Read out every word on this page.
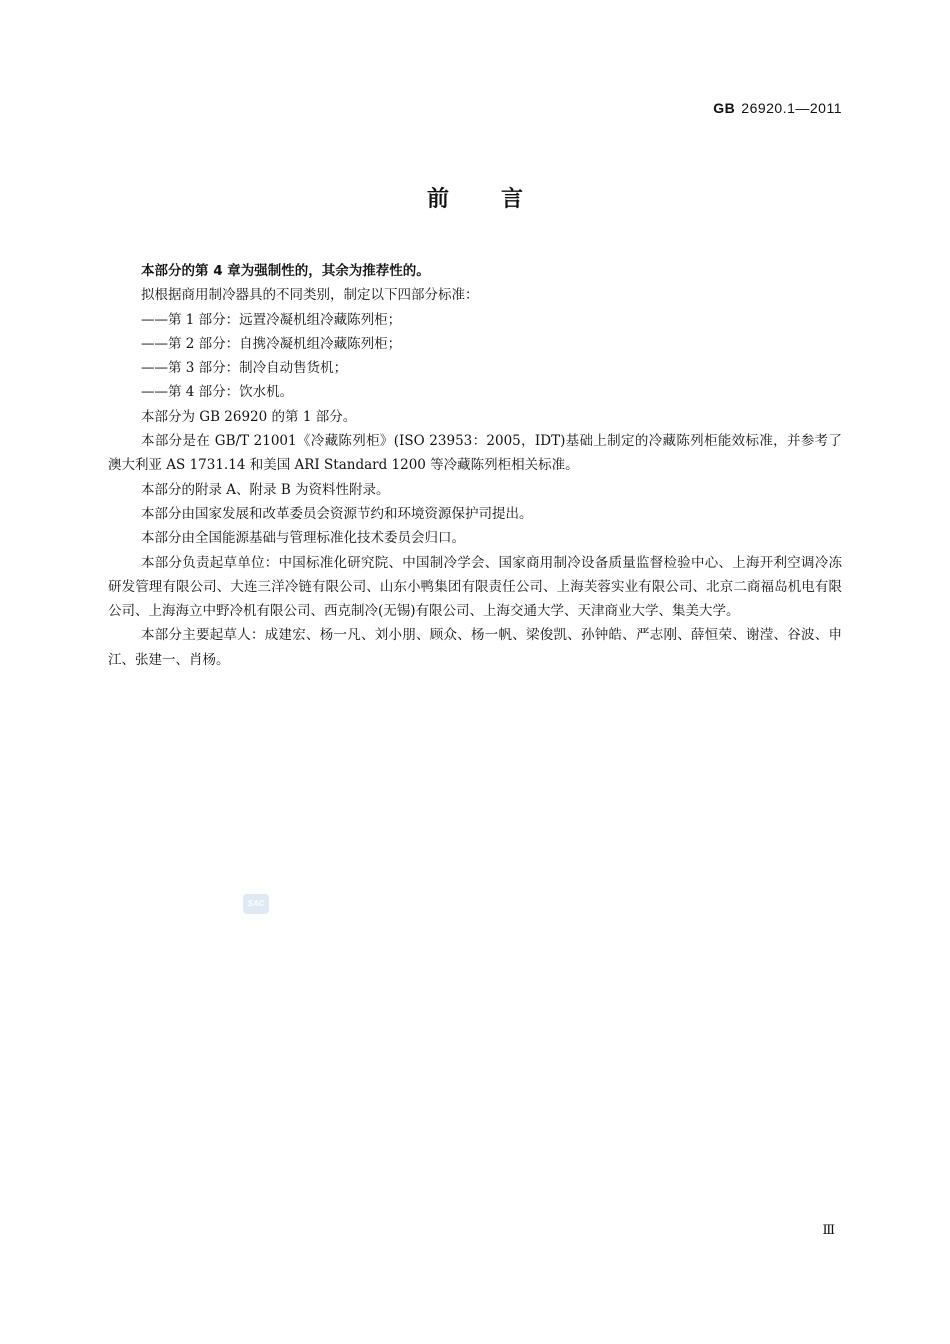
GB 26920.1—2011
前言

本部分的第 4 章为强制性的，其余为推荐性的。

拟根据商用制冷器具的不同类别，制定以下四部分标准：

——第 1 部分：远置冷凝机组冷藏陈列柜；

——第 2 部分：自携冷凝机组冷藏陈列柜；

——第 3 部分：制冷自动售货机；

——第 4 部分：饮水机。

本部分为 GB 26920 的第 1 部分。

本部分是在 GB/T 21001《冷藏陈列柜》(ISO 23953：2005，IDT)基础上制定的冷藏陈列柜能效标准，并参考了澳大利亚 AS 1731.14 和美国 ARI Standard 1200 等冷藏陈列柜相关标准。

本部分的附录 A、附录 B 为资料性附录。

本部分由国家发展和改革委员会资源节约和环境资源保护司提出。

本部分由全国能源基础与管理标准化技术委员会归口。

本部分负责起草单位：中国标准化研究院、中国制冷学会、国家商用制冷设备质量监督检验中心、上海开利空调冷冻研发管理有限公司、大连三洋冷链有限公司、山东小鸭集团有限责任公司、上海芙蓉实业有限公司、北京二商福岛机电有限公司、上海海立中野冷机有限公司、西克制冷(无锡)有限公司、上海交通大学、天津商业大学、集美大学。

本部分主要起草人：成建宏、杨一凡、刘小朋、顾众、杨一帆、梁俊凯、孙钟皓、严志刚、薛恒荣、谢滢、谷波、申江、张建一、肖杨。

SAC
Ⅲ
